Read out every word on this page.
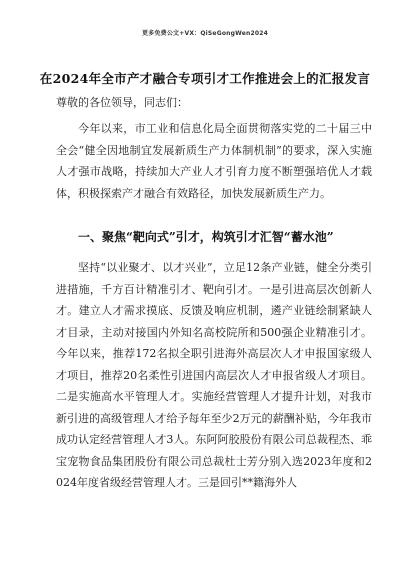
更多免费公文+VX：QiSeGongWen2024
在2024年全市产才融合专项引才工作推进会上的汇报发言
尊敬的各位领导，同志们：
今年以来，市工业和信息化局全面贯彻落实党的二十届三中全会“健全因地制宜发展新质生产力体制机制”的要求，深入实施人才强市战略，持续加大产业人才引育力度不断塑强培优人才载体，积极探索产才融合有效路径，加快发展新质生产力。
一、聚焦“靶向式”引才，构筑引才汇智“蓄水池”
坚持“以业聚才、以才兴业”，立足12条产业链，健全分类引进措施，千方百计精准引才、靶向引才。一是引进高层次创新人才。建立人才需求摸底、反馈及响应机制，遴产业链绘制紧缺人才目录，主动对接国内外知名高校院所和500强企业精准引才。今年以来，推荐172名拟全职引进海外高层次人才申报国家级人才项目，推荐20名柔性引进国内高层次人才申报省级人才项目。二是实施高水平管理人才。实施经营管理人才提升计划，对我市新引进的高级管理人才给予每年至少2万元的薪酬补贴，今年我市成功认定经营管理人才3人。东阿阿胶股份有限公司总裁程杰、乖宝宠物食品集团股份有限公司总裁杜士芳分别入选2023年度和2024年度省级经营管理人才。三是回引**籍海外人
